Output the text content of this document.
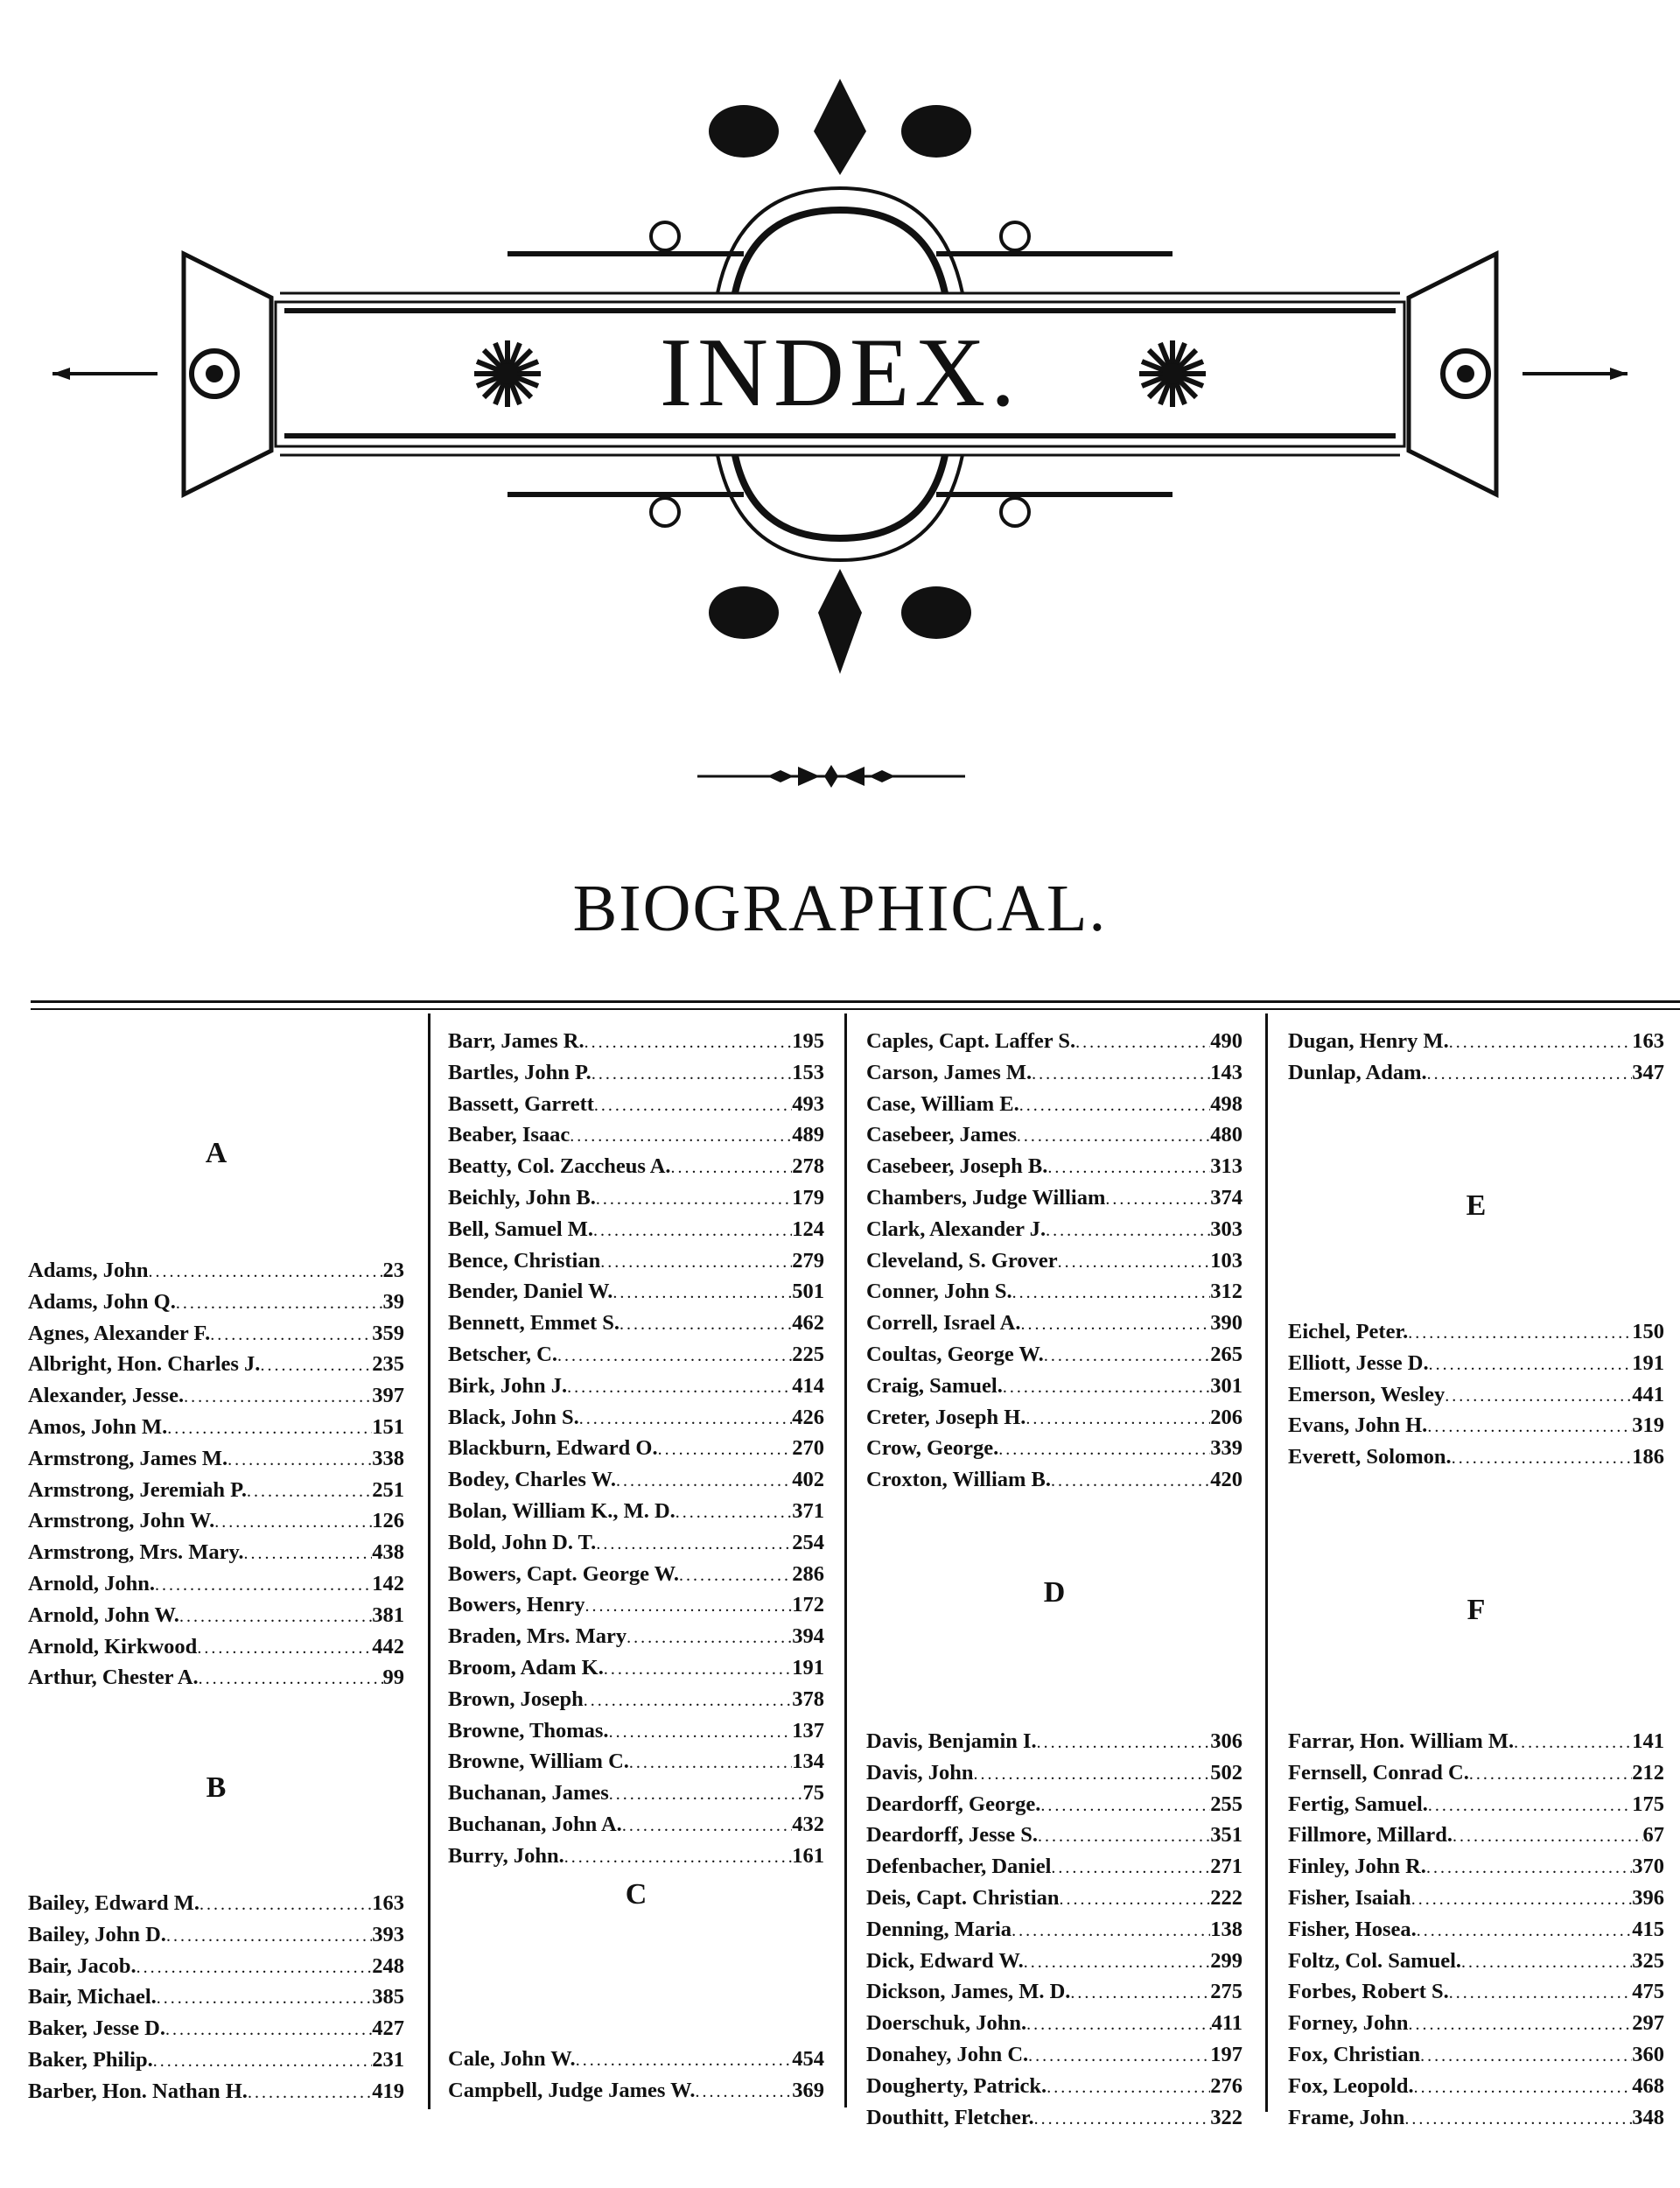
INDEX.
BIOGRAPHICAL.
A
Adams, John .....	23
Adams, John Q. .....	39
Agnes, Alexander F. .....	359
Albright, Hon. Charles J. .....	235
Alexander, Jesse. .....	397
Amos, John M. .....	151
Armstrong, James M. .....	338
Armstrong, Jeremiah P. .....	251
Armstrong, John W. .....	126
Armstrong, Mrs. Mary. .....	438
Arnold, John. .....	142
Arnold, John W. .....	381
Arnold, Kirkwood .....	442
Arthur, Chester A. .....	99
B
Bailey, Edward M. .....	163
Bailey, John D. .....	393
Bair, Jacob. .....	248
Bair, Michael. .....	385
Baker, Jesse D. .....	427
Baker, Philip. .....	231
Barber, Hon. Nathan H. .....	419
Barr, James R. .....	195
Bartles, John P. .....	153
Bassett, Garrett .....	493
Beaber, Isaac .....	489
Beatty, Col. Zaccheus A. .....	278
Beichly, John B. .....	179
Bell, Samuel M. .....	124
Bence, Christian .....	279
Bender, Daniel W. .....	501
Bennett, Emmet S. .....	462
Betscher, C. .....	225
Birk, John J. .....	414
Black, John S. .....	426
Blackburn, Edward O. .....	270
Bodey, Charles W. .....	402
Bolan, William K., M. D. .....	371
Bold, John D. T. .....	254
Bowers, Capt. George W. .....	286
Bowers, Henry .....	172
Braden, Mrs. Mary .....	394
Broom, Adam K. .....	191
Brown, Joseph .....	378
Browne, Thomas. .....	137
Browne, William C. .....	134
Buchanan, James .....	75
Buchanan, John A. .....	432
Burry, John. .....	161
C
Cale, John W. .....	454
Campbell, Judge James W. .....	369
Caples, Capt. Laffer S. .....	490
Carson, James M. .....	143
Case, William E. .....	498
Casebeer, James .....	480
Casebeer, Joseph B. .....	313
Chambers, Judge William .....	374
Clark, Alexander J. .....	303
Cleveland, S. Grover .....	103
Conner, John S. .....	312
Correll, Israel A. .....	390
Coultas, George W. .....	265
Craig, Samuel. .....	301
Creter, Joseph H. .....	206
Crow, George. .....	339
Croxton, William B. .....	420
D
Davis, Benjamin I. .....	306
Davis, John .....	502
Deardorff, George. .....	255
Deardorff, Jesse S. .....	351
Defenbacher, Daniel .....	271
Deis, Capt. Christian .....	222
Denning, Maria .....	138
Dick, Edward W. .....	299
Dickson, James, M. D. .....	275
Doerschuk, John. .....	411
Donahey, John C. .....	197
Dougherty, Patrick. .....	276
Douthitt, Fletcher. .....	322
Dugan, Henry M. .....	163
Dunlap, Adam. .....	347
E
Eichel, Peter. .....	150
Elliott, Jesse D. .....	191
Emerson, Wesley .....	441
Evans, John H. .....	319
Everett, Solomon. .....	186
F
Farrar, Hon. William M. .....	141
Fernsell, Conrad C. .....	212
Fertig, Samuel. .....	175
Fillmore, Millard. .....	67
Finley, John R. .....	370
Fisher, Isaiah .....	396
Fisher, Hosea. .....	415
Foltz, Col. Samuel. .....	325
Forbes, Robert S. .....	475
Forney, John .....	297
Fox, Christian .....	360
Fox, Leopold. .....	468
Frame, John .....	348
